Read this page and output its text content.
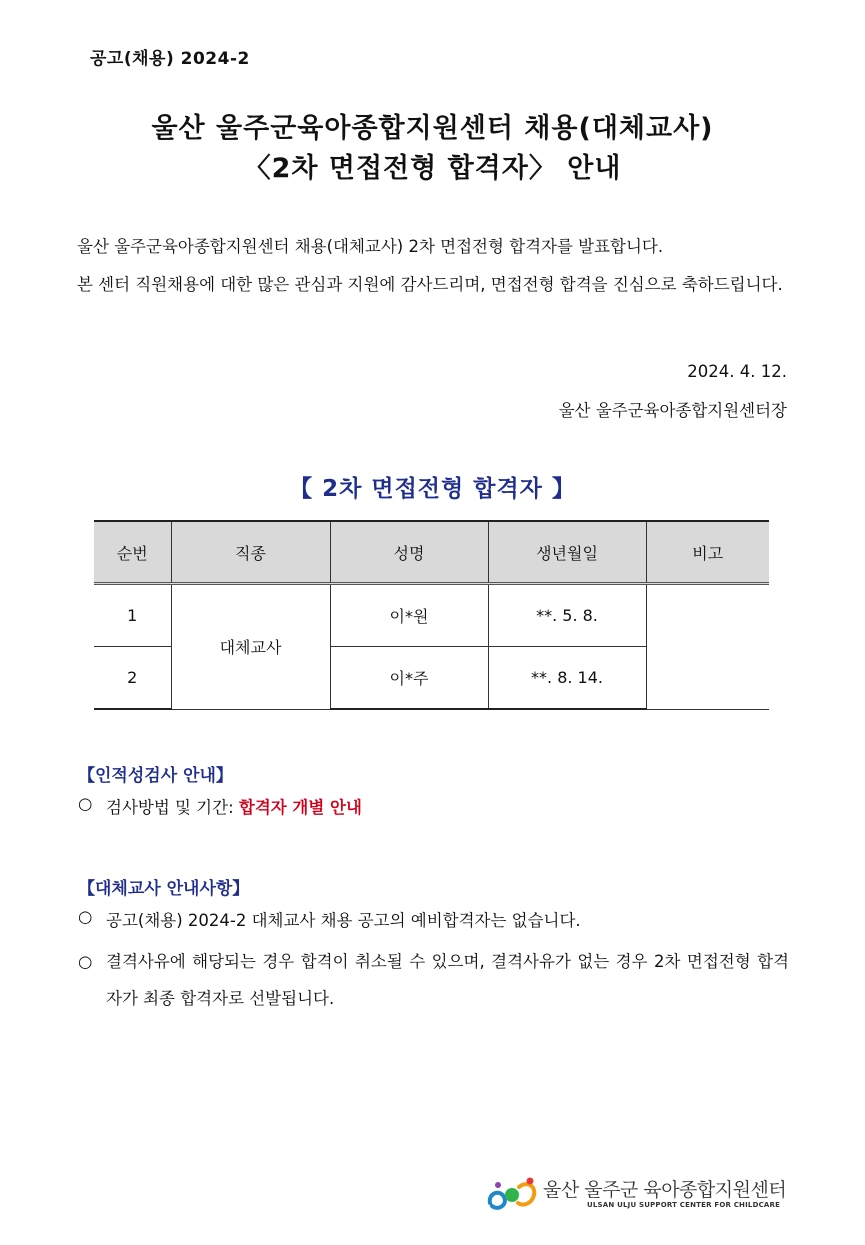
공고(채용) 2024-2
울산 울주군육아종합지원센터 채용(대체교사)
〈2차 면접전형 합격자〉 안내

울산 울주군육아종합지원센터 채용(대체교사) 2차 면접전형 합격자를 발표합니다.

본 센터 직원채용에 대한 많은 관심과 지원에 감사드리며, 면접전형 합격을 진심으로 축하드립니다.

2024. 4. 12.
울산 울주군육아종합지원센터장
【 2차 면접전형 합격자 】
순번	직종	성명	생년월일	비고
1	대체교사	이*원	**. 5. 8.	
2		이*주	**. 8. 14.	
【인적성검사 안내】
○ 검사방법 및 기간: 합격자 개별 안내
【대체교사 안내사항】
○ 공고(채용) 2024-2 대체교사 채용 공고의 예비합격자는 없습니다.
○ 결격사유에 해당되는 경우 합격이 취소될 수 있으며, 결격사유가 없는 경우 2차 면접전형 합격자가 최종 합격자로 선발됩니다.
울산 울주군 육아종합지원센터
ULSAN ULJU SUPPORT CENTER FOR CHILDCARE
